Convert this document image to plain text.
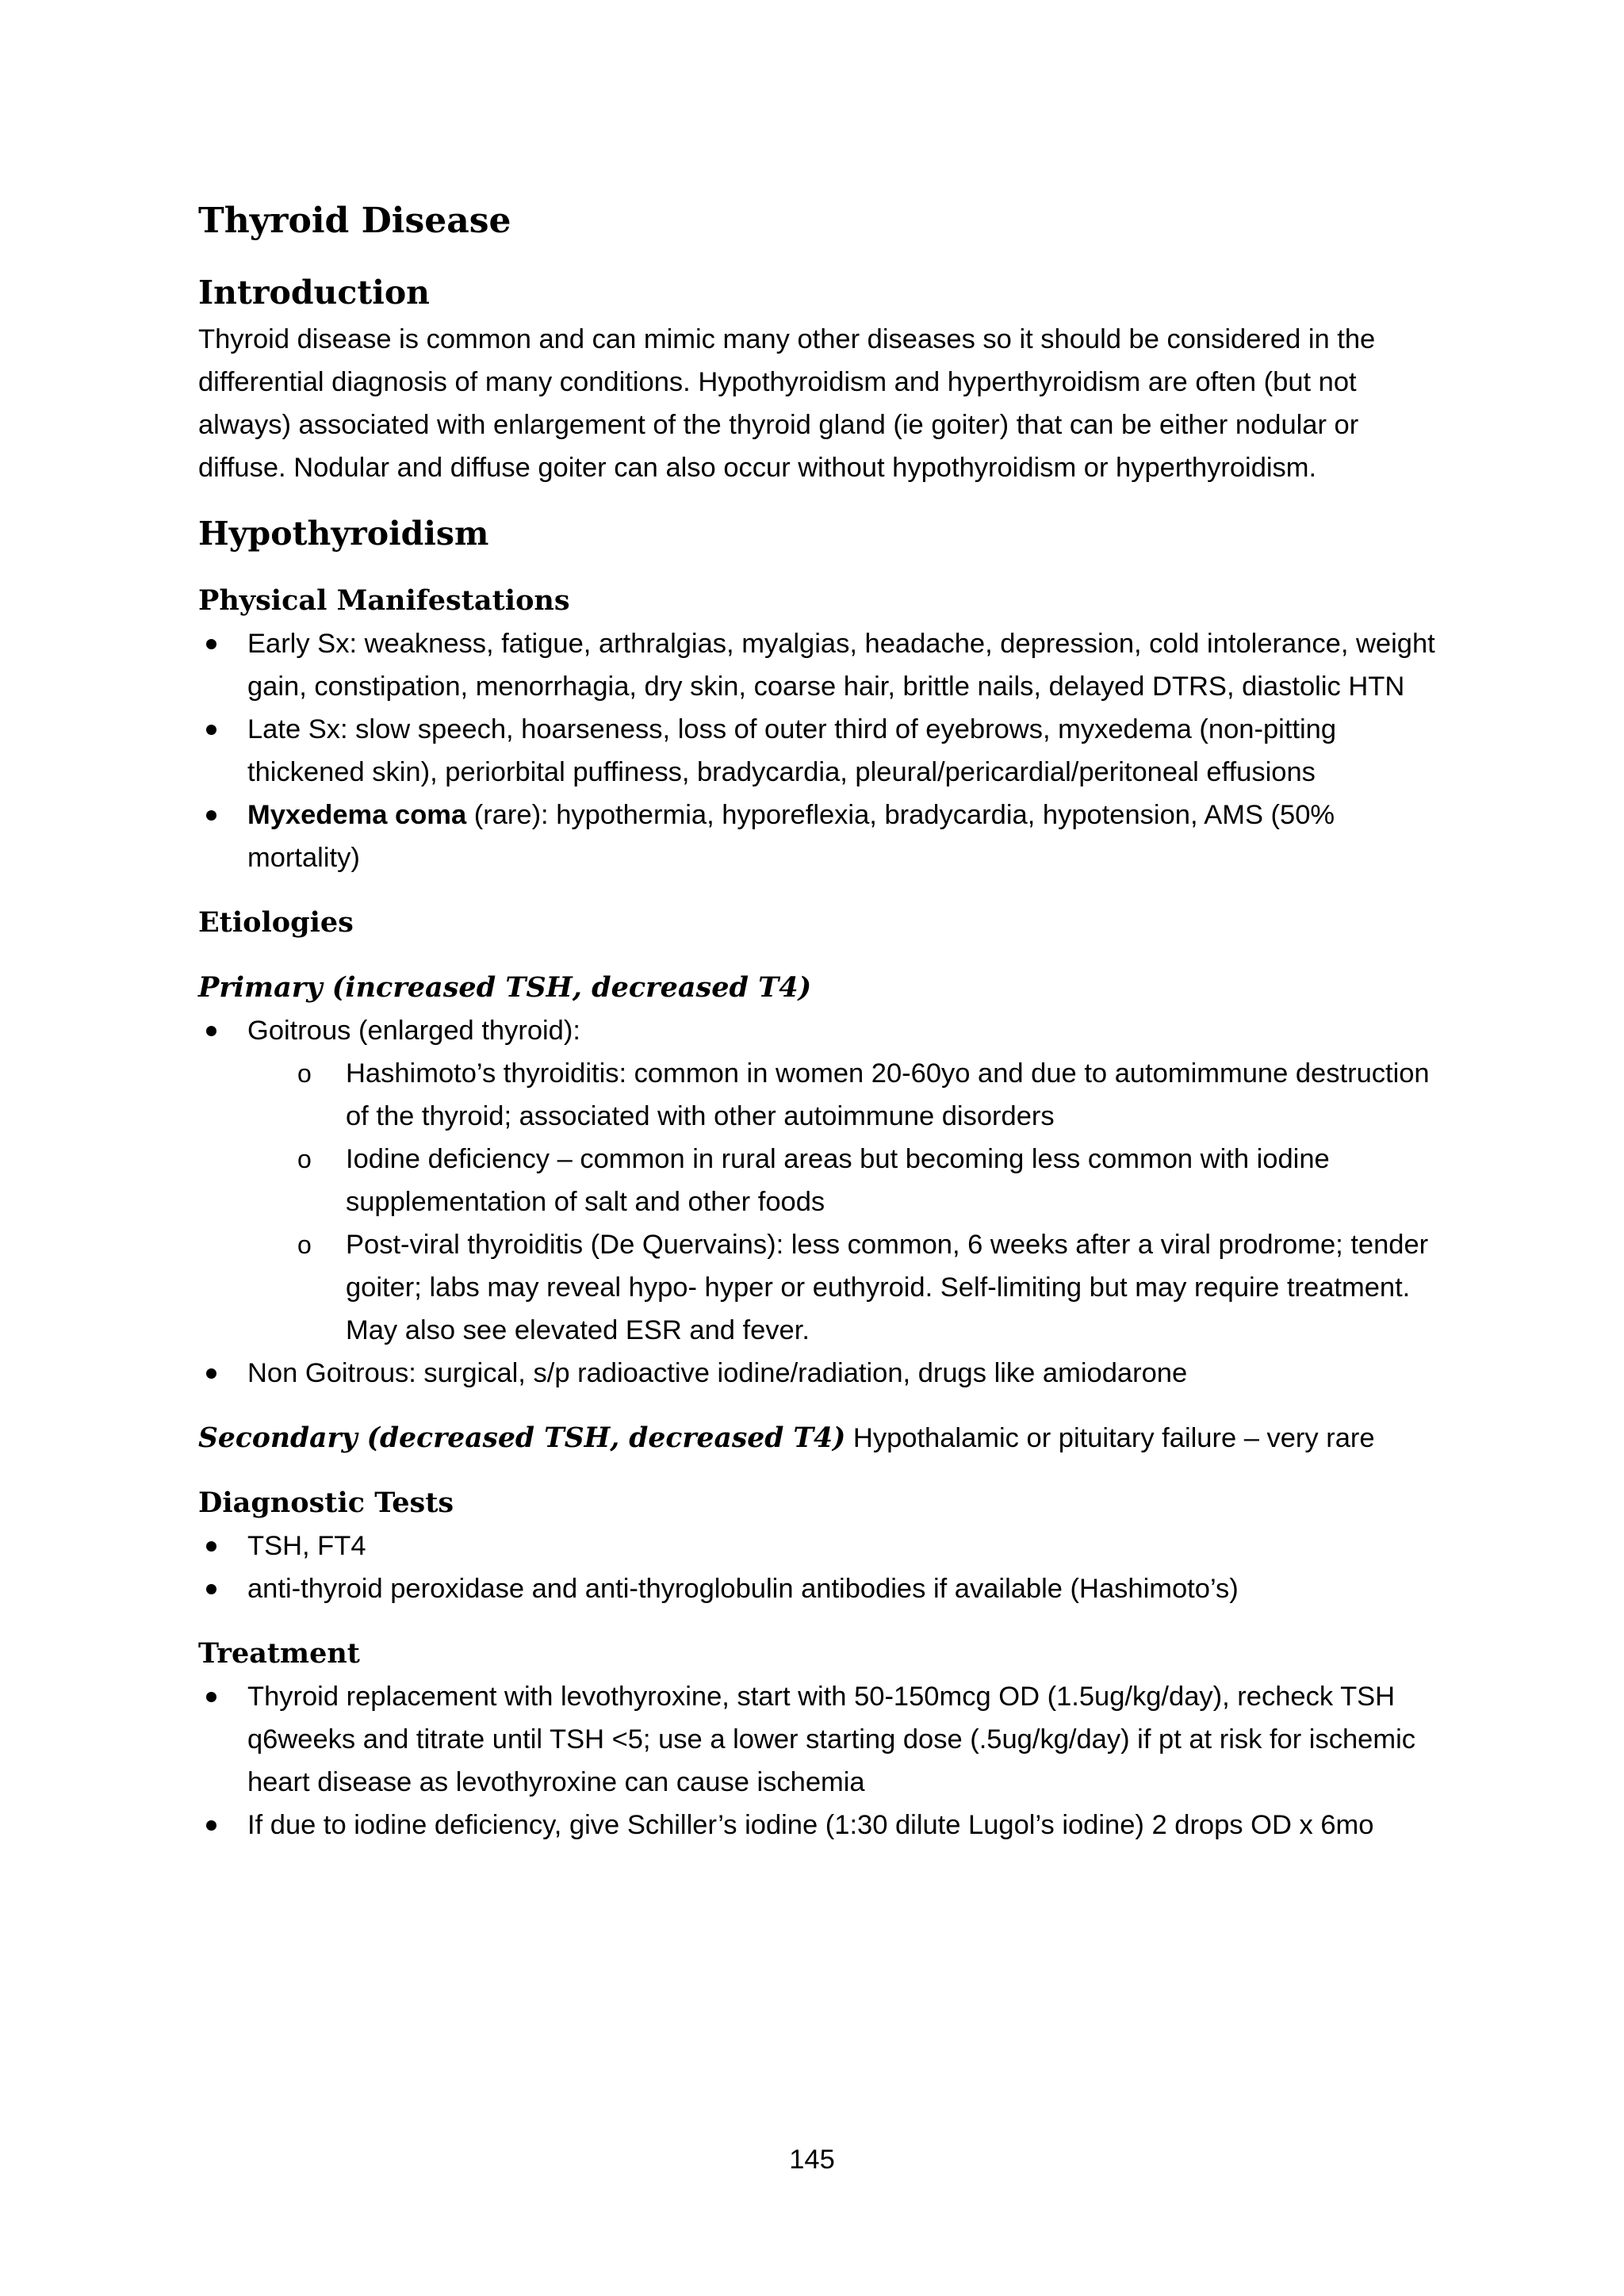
Thyroid Disease
Introduction

Thyroid disease is common and can mimic many other diseases so it should be considered in the differential diagnosis of many conditions. Hypothyroidism and hyperthyroidism are often (but not always) associated with enlargement of the thyroid gland (ie goiter) that can be either nodular or diffuse. Nodular and diffuse goiter can also occur without hypothyroidism or hyperthyroidism.

Hypothyroidism
Physical Manifestations
Early Sx: weakness, fatigue, arthralgias, myalgias, headache, depression, cold intolerance, weight gain, constipation, menorrhagia, dry skin, coarse hair, brittle nails, delayed DTRS, diastolic HTN
Late Sx: slow speech, hoarseness, loss of outer third of eyebrows, myxedema (non-pitting thickened skin), periorbital puffiness, bradycardia, pleural/pericardial/peritoneal effusions
Myxedema coma (rare): hypothermia, hyporeflexia, bradycardia, hypotension, AMS (50% mortality)
Etiologies
Primary (increased TSH, decreased T4)
Goitrous (enlarged thyroid):
o Hashimoto’s thyroiditis: common in women 20-60yo and due to automimmune destruction of the thyroid; associated with other autoimmune disorders
o Iodine deficiency – common in rural areas but becoming less common with iodine supplementation of salt and other foods
o Post-viral thyroiditis (De Quervains): less common, 6 weeks after a viral prodrome; tender goiter; labs may reveal hypo- hyper or euthyroid. Self-limiting but may require treatment. May also see elevated ESR and fever.
Non Goitrous: surgical, s/p radioactive iodine/radiation, drugs like amiodarone
Secondary (decreased TSH, decreased T4) Hypothalamic or pituitary failure – very rare
Diagnostic Tests
TSH, FT4
anti-thyroid peroxidase and anti-thyroglobulin antibodies if available (Hashimoto’s)
Treatment
Thyroid replacement with levothyroxine, start with 50-150mcg OD (1.5ug/kg/day), recheck TSH q6weeks and titrate until TSH <5; use a lower starting dose (.5ug/kg/day) if pt at risk for ischemic heart disease as levothyroxine can cause ischemia
If due to iodine deficiency, give Schiller’s iodine (1:30 dilute Lugol’s iodine) 2 drops OD x 6mo
145
